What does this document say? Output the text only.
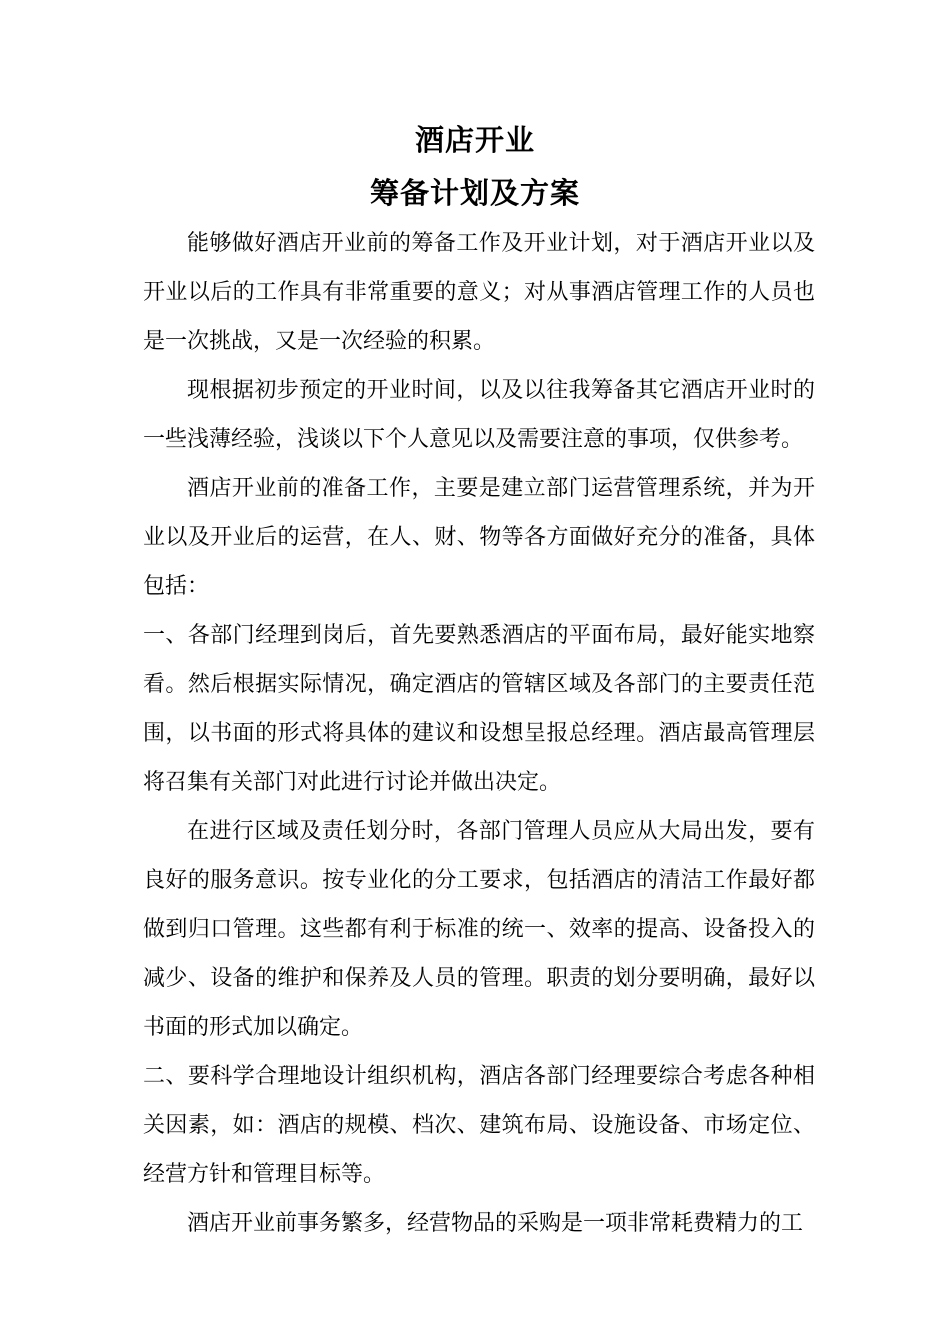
酒店开业
筹备计划及方案

能够做好酒店开业前的筹备工作及开业计划，对于酒店开业以及开业以后的工作具有非常重要的意义；对从事酒店管理工作的人员也是一次挑战，又是一次经验的积累。

现根据初步预定的开业时间，以及以往我筹备其它酒店开业时的一些浅薄经验，浅谈以下个人意见以及需要注意的事项，仅供参考。

酒店开业前的准备工作，主要是建立部门运营管理系统，并为开业以及开业后的运营，在人、财、物等各方面做好充分的准备，具体包括：

一、各部门经理到岗后，首先要熟悉酒店的平面布局，最好能实地察看。然后根据实际情况，确定酒店的管辖区域及各部门的主要责任范围，以书面的形式将具体的建议和设想呈报总经理。酒店最高管理层将召集有关部门对此进行讨论并做出决定。

在进行区域及责任划分时，各部门管理人员应从大局出发，要有良好的服务意识。按专业化的分工要求，包括酒店的清洁工作最好都做到归口管理。这些都有利于标准的统一、效率的提高、设备投入的减少、设备的维护和保养及人员的管理。职责的划分要明确，最好以书面的形式加以确定。

二、要科学合理地设计组织机构，酒店各部门经理要综合考虑各种相关因素，如：酒店的规模、档次、建筑布局、设施设备、市场定位、经营方针和管理目标等。

酒店开业前事务繁多，经营物品的采购是一项非常耗费精力的工
